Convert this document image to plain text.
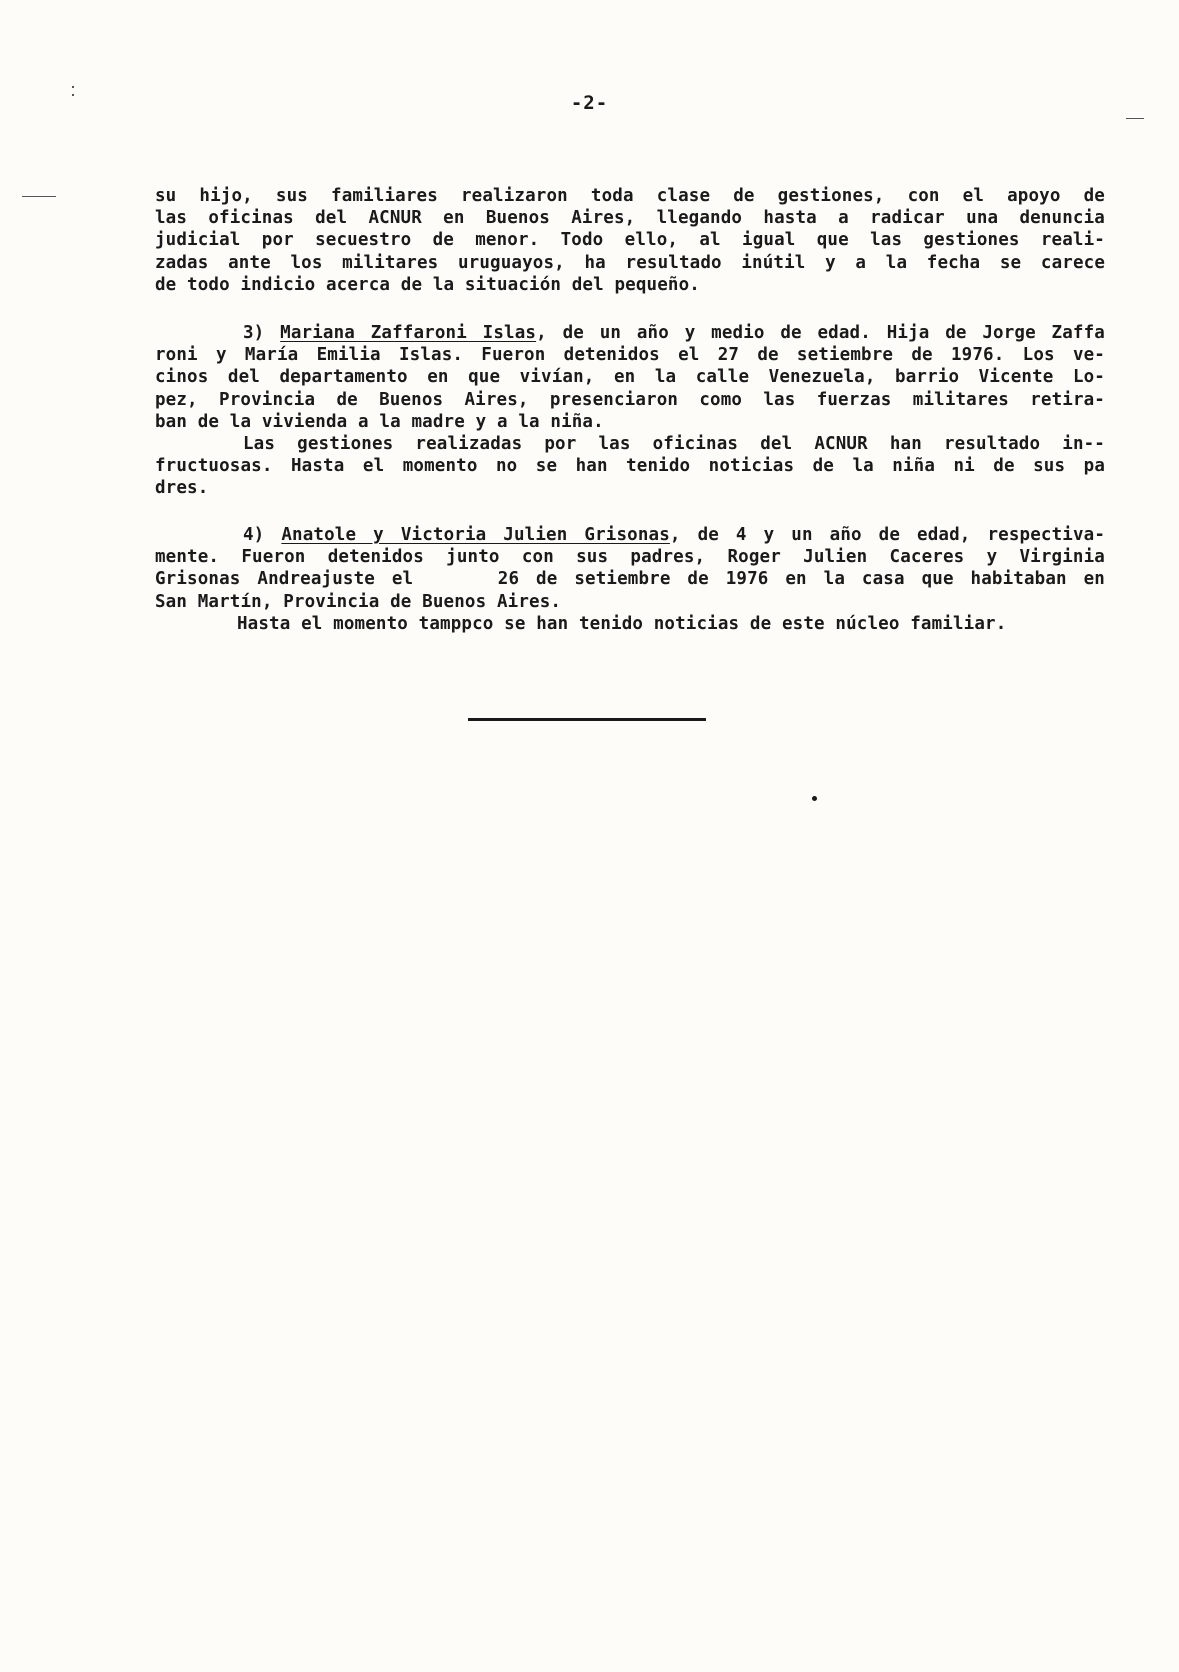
-2-
su hijo, sus familiares realizaron toda clase de gestiones, con el apoyo de
las oficinas del ACNUR en Buenos Aires, llegando hasta a radicar una denuncia
judicial por secuestro de menor. Todo ello, al igual que las gestiones reali-
zadas ante los militares uruguayos, ha resultado inútil y a la fecha se carece
de todo indicio acerca de la situación del pequeño.
3) Mariana Zaffaroni Islas, de un año y medio de edad. Hija de Jorge Zaffa
roni y María Emilia Islas. Fueron detenidos el 27 de setiembre de 1976. Los ve-
cinos del departamento en que vivían, en la calle Venezuela, barrio Vicente Lo-
pez, Provincia de Buenos Aires, presenciaron como las fuerzas militares retira-
ban de la vivienda a la madre y a la niña.
Las gestiones realizadas por las oficinas del ACNUR han resultado in--
fructuosas. Hasta el momento no se han tenido noticias de la niña ni de sus pa
dres.
4) Anatole y Victoria Julien Grisonas, de 4 y un año de edad, respectiva-
mente. Fueron detenidos junto con sus padres, Roger Julien Caceres y Virginia
Grisonas Andreajuste el     26 de setiembre de 1976 en la casa que habitaban en
San Martín, Provincia de Buenos Aires.
Hasta el momento tamppco se han tenido noticias de este núcleo familiar.
